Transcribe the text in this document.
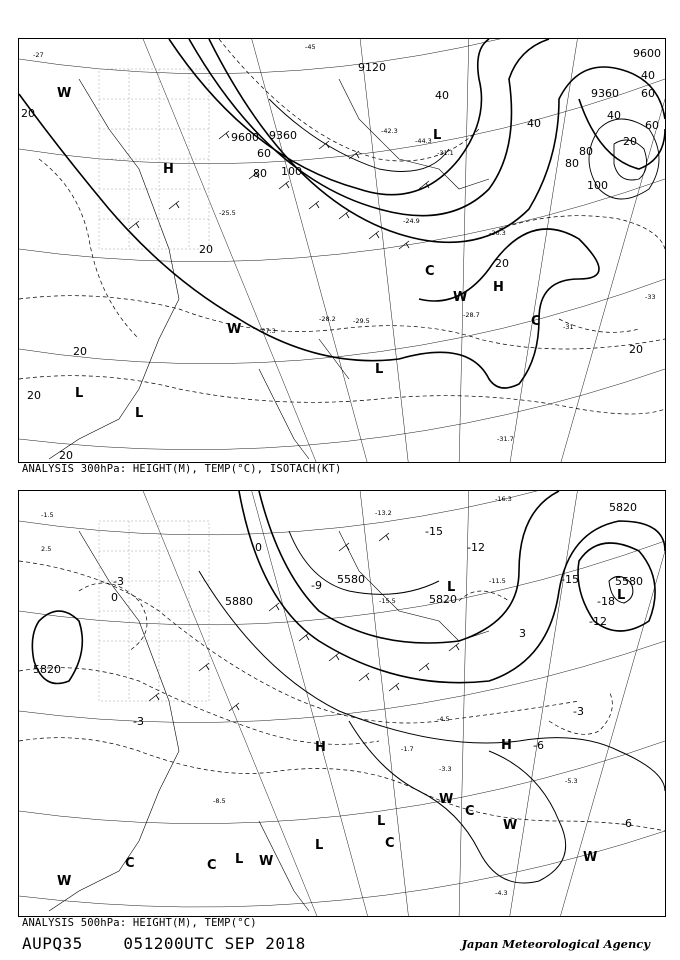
9600
9360
9120
9600 9360
20
20
20
20
20
20
40
40
60
80 100
80
40
60
20
40
80
100
60
20
H
H
L
L
L
L
C
C
W
W
W
-27
-29.5
-28.7
-31
-31.1
-33
-24.9
-25.5
-27.3
-26.3
-28.2
-42.3
-44.3
-45
-31.7
ANALYSIS 300hPa: HEIGHT(M), TEMP(°C), ISOTACH(KT)
5820
5580
5820
5580
5880	5820
-3
-3
-15
-18
-12
-6
-6
-3
0
0
3
-9	-15
-12
H	H
L
L
L
L
L
C	C
C
C
W
W
W
W
W
-1.5
2.5
-4.3
-5.3
-3.3
-1.7
-13.2
-15.5
-16.3
-11.5
-4.5
-8.5
ANALYSIS 500hPa: HEIGHT(M), TEMP(°C)
AUPQ35	051200UTC SEP 2018	Japan Meteorological Agency
